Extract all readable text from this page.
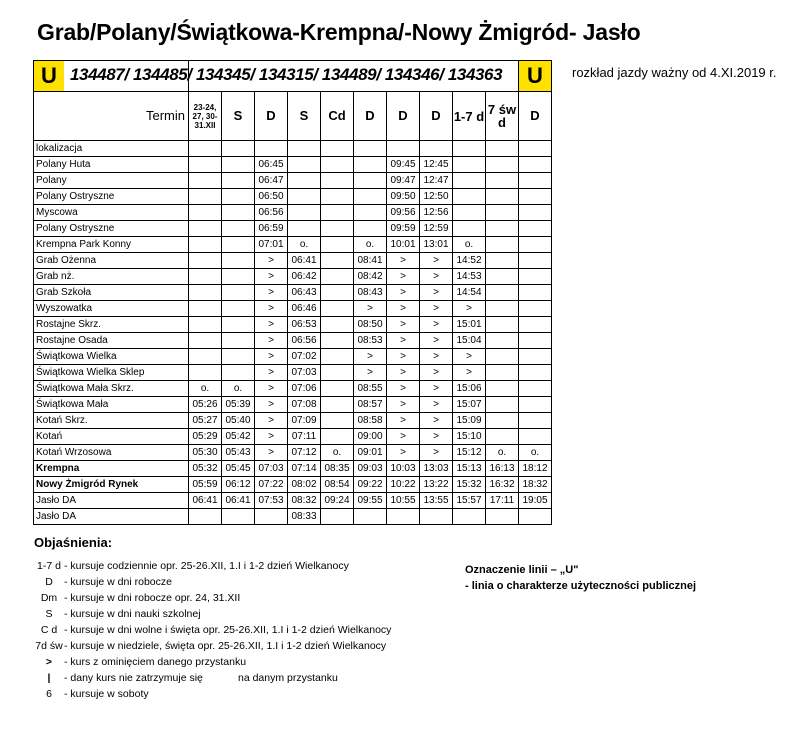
Grab/Polany/Świątkowa-Krempna/-Nowy Żmigród- Jasło
rozkład jazdy ważny od 4.XI.2019 r.
U 134487/ 134485/ 134345/ 134315/ 134489/ 134346/ 134363											U
Termin	23-24, 27, 30-31.XII	S	D	S	Cd	D	D	D	1-7 d	7 św d	D
lokalizacja											
Polany Huta			06:45				09:45	12:45			
Polany			06:47				09:47	12:47			
Polany Ostryszne			06:50				09:50	12:50			
Myscowa			06:56				09:56	12:56			
Polany Ostryszne			06:59				09:59	12:59			
Krempna Park Konny			07:01	o.		o.	10:01	13:01	o.		
Grab Ożenna			>	06:41		08:41	>	>	14:52		
Grab nż.			>	06:42		08:42	>	>	14:53		
Grab Szkoła			>	06:43		08:43	>	>	14:54		
Wyszowatka			>	06:46		>	>	>	>		
Rostajne Skrz.			>	06:53		08:50	>	>	15:01		
Rostajne Osada			>	06:56		08:53	>	>	15:04		
Świątkowa Wielka			>	07:02		>	>	>	>		
Świątkowa Wielka Sklep			>	07:03		>	>	>	>		
Świątkowa Mała Skrz.	o.	o.	>	07:06		08:55	>	>	15:06		
Świątkowa Mała	05:26	05:39	>	07:08		08:57	>	>	15:07		
Kotań Skrz.	05:27	05:40	>	07:09		08:58	>	>	15:09		
Kotań	05:29	05:42	>	07:11		09:00	>	>	15:10		
Kotań Wrzosowa	05:30	05:43	>	07:12	o.	09:01	>	>	15:12	o.	o.
Krempna	05:32	05:45	07:03	07:14	08:35	09:03	10:03	13:03	15:13	16:13	18:12
Nowy Żmigród Rynek	05:59	06:12	07:22	08:02	08:54	09:22	10:22	13:22	15:32	16:32	18:32
Jasło DA	06:41	06:41	07:53	08:32	09:24	09:55	10:55	13:55	15:57	17:11	19:05
Jasło DA				08:33							
Objaśnienia:
1-7 d - kursuje codziennie opr. 25-26.XII, 1.I i 1-2 dzień Wielkanocy
D - kursuje w dni robocze
Dm - kursuje w dni robocze opr. 24, 31.XII
S - kursuje w dni nauki szkolnej
C d - kursuje w dni wolne i święta opr. 25-26.XII, 1.I i 1-2 dzień Wielkanocy
7d św- kursuje w niedziele, święta opr. 25-26.XII, 1.I i 1-2 dzień Wielkanocy
> - kurs z ominięciem danego przystanku
| - dany kurs nie zatrzymuje się	na danym przystanku
6 - kursuje w soboty
Oznaczenie linii – „U"
- linia o charakterze użyteczności publicznej
